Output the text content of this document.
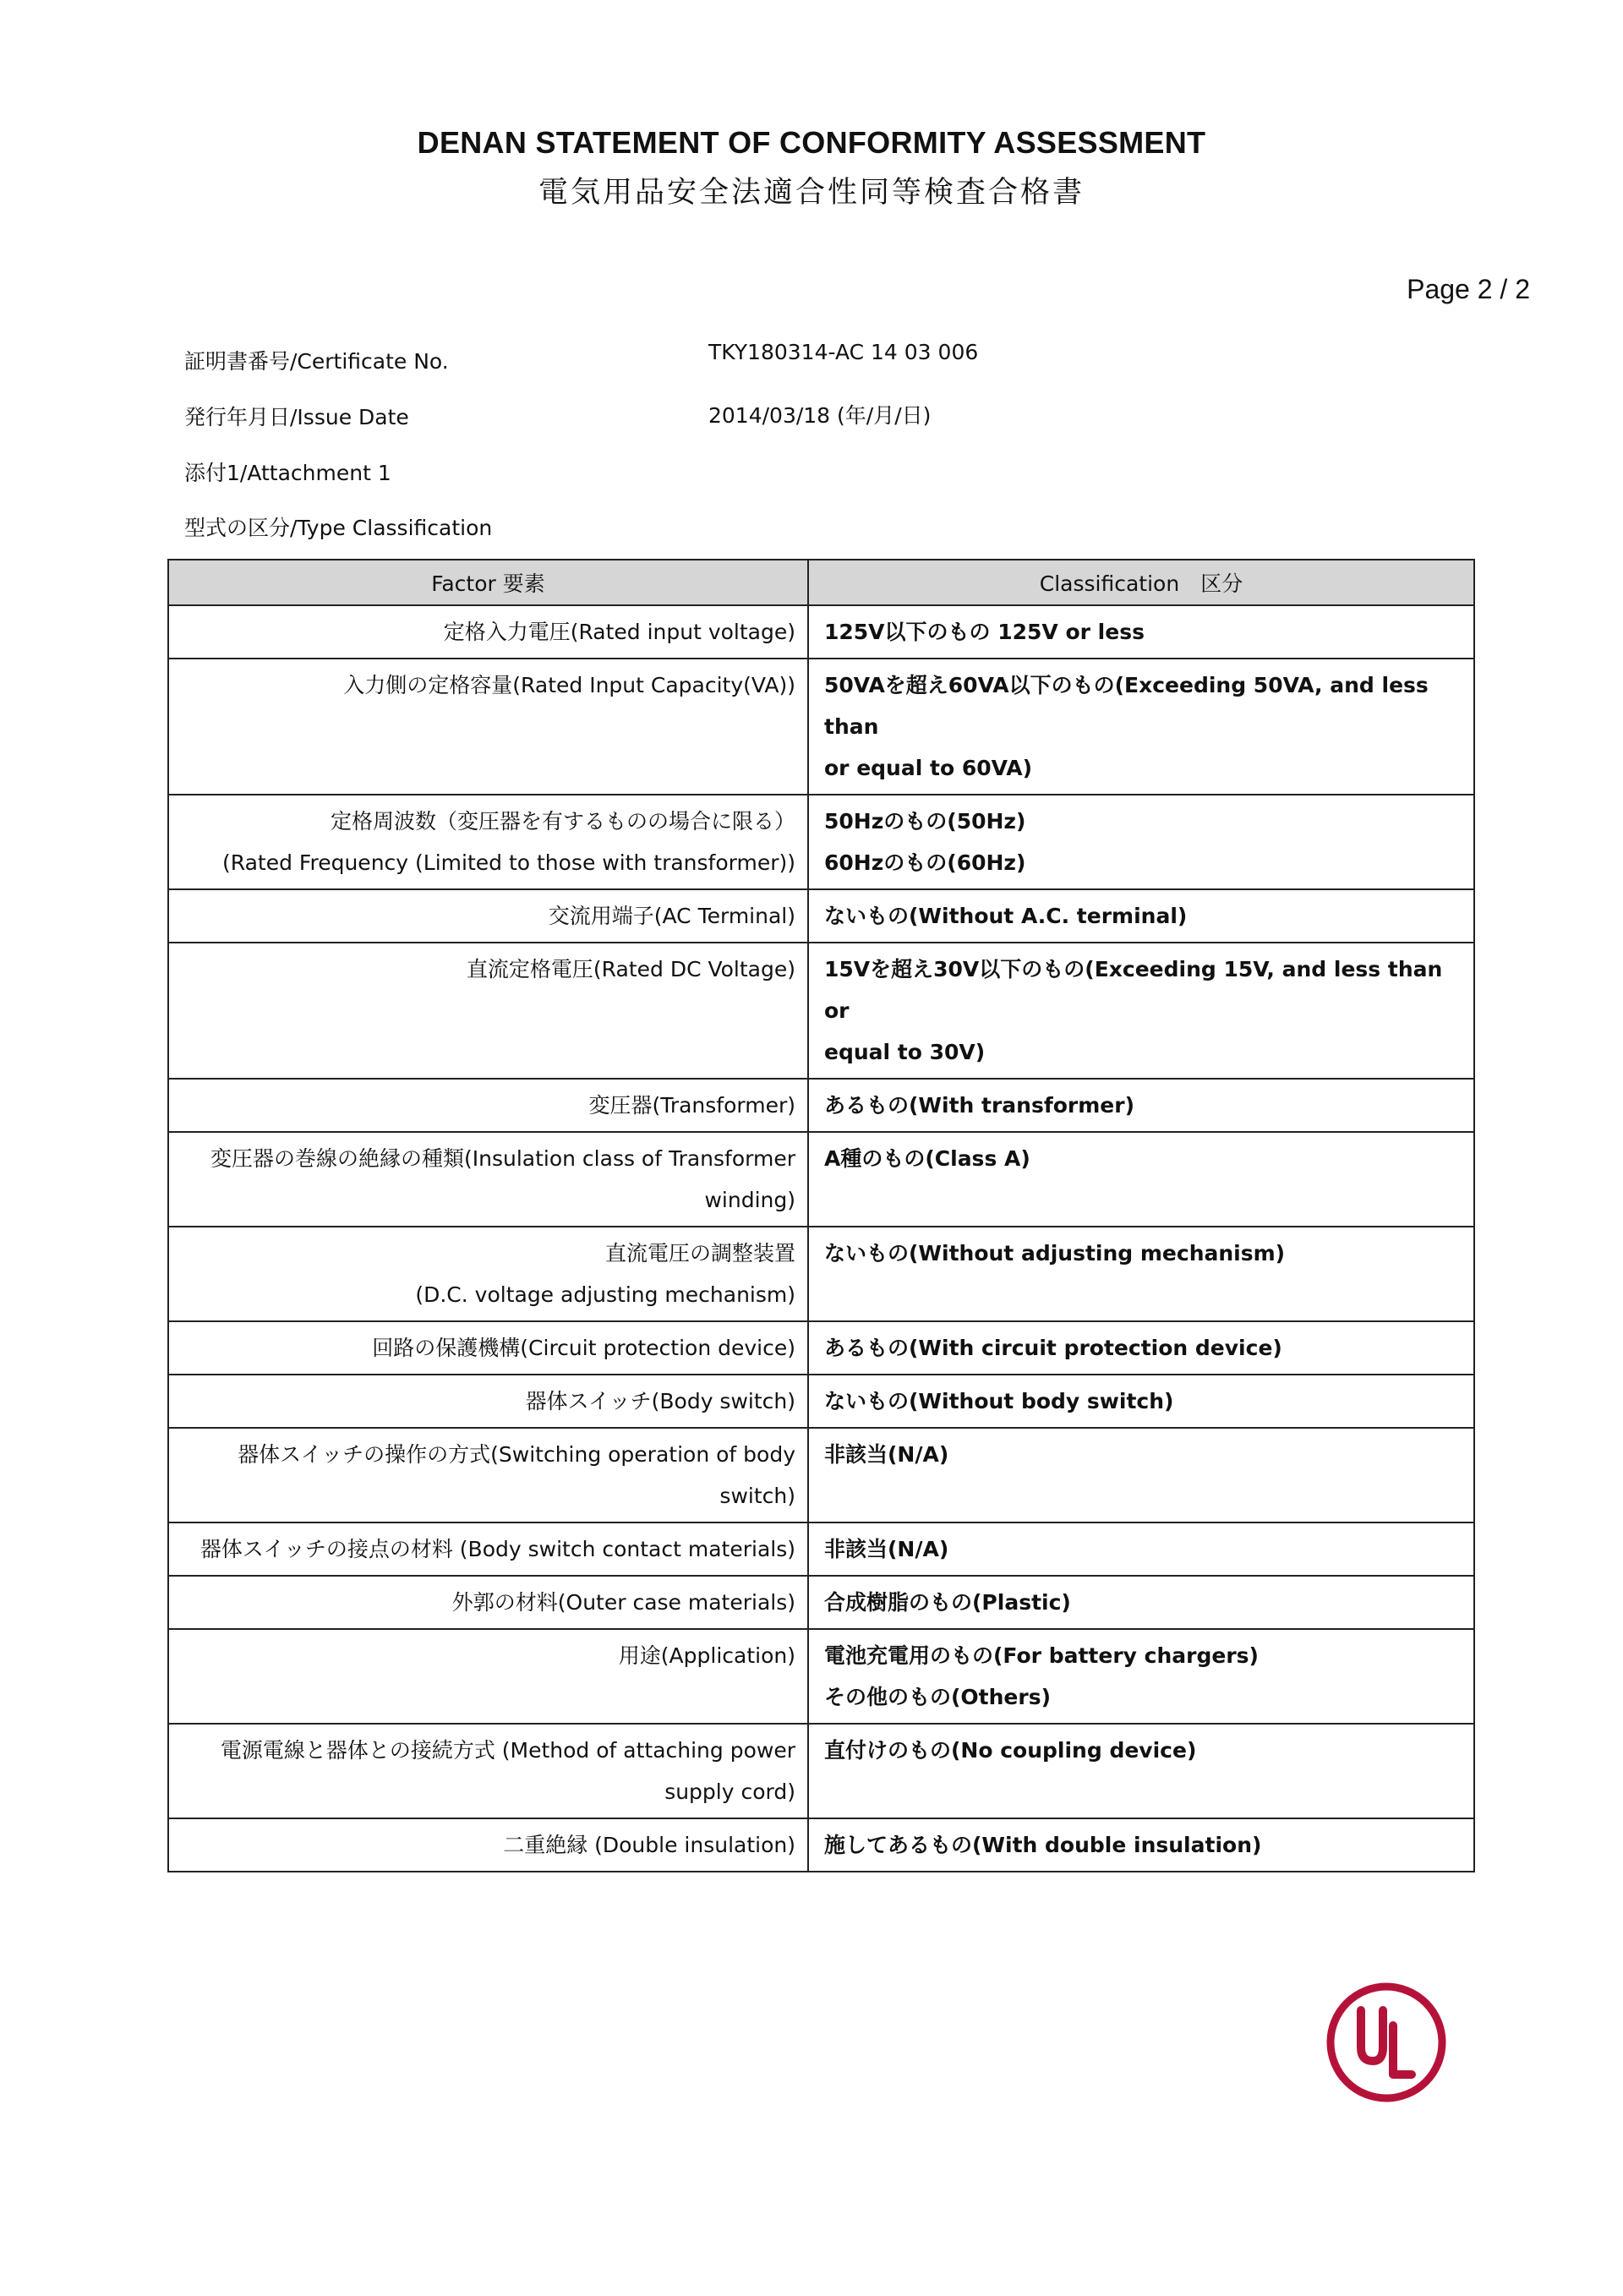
DENAN STATEMENT OF CONFORMITY ASSESSMENT
電気用品安全法適合性同等検査合格書
Page 2 / 2
証明書番号/Certificate No.	TKY180314-AC 14 03 006
発行年月日/Issue Date	2014/03/18 (年/月/日)
添付1/Attachment 1
型式の区分/Type Classification
Factor 要素	Classification　区分

定格入力電圧(Rated input voltage)	125V以下のもの 125V or less

入力側の定格容量(Rated Input Capacity(VA))	50VAを超え60VA以下のもの(Exceeding 50VA, and less than
or equal to 60VA)

定格周波数（変圧器を有するものの場合に限る）
(Rated Frequency (Limited to those with transformer))	50Hzのもの(50Hz)
60Hzのもの(60Hz)

交流用端子(AC Terminal)	ないもの(Without A.C. terminal)

直流定格電圧(Rated DC Voltage)	15Vを超え30V以下のもの(Exceeding 15V, and less than or
equal to 30V)

変圧器(Transformer)	あるもの(With transformer)

変圧器の巻線の絶縁の種類(Insulation class of Transformer
winding)	A種のもの(Class A)

直流電圧の調整装置
(D.C. voltage adjusting mechanism)	ないもの(Without adjusting mechanism)

回路の保護機構(Circuit protection device)	あるもの(With circuit protection device)

器体スイッチ(Body switch)	ないもの(Without body switch)

器体スイッチの操作の方式(Switching operation of body
switch)	非該当(N/A)

器体スイッチの接点の材料 (Body switch contact materials)	非該当(N/A)

外郭の材料(Outer case materials)	合成樹脂のもの(Plastic)

用途(Application)	電池充電用のもの(For battery chargers)
その他のもの(Others)

電源電線と器体との接続方式 (Method of attaching power
supply cord)	直付けのもの(No coupling device)

二重絶縁 (Double insulation)	施してあるもの(With double insulation)
